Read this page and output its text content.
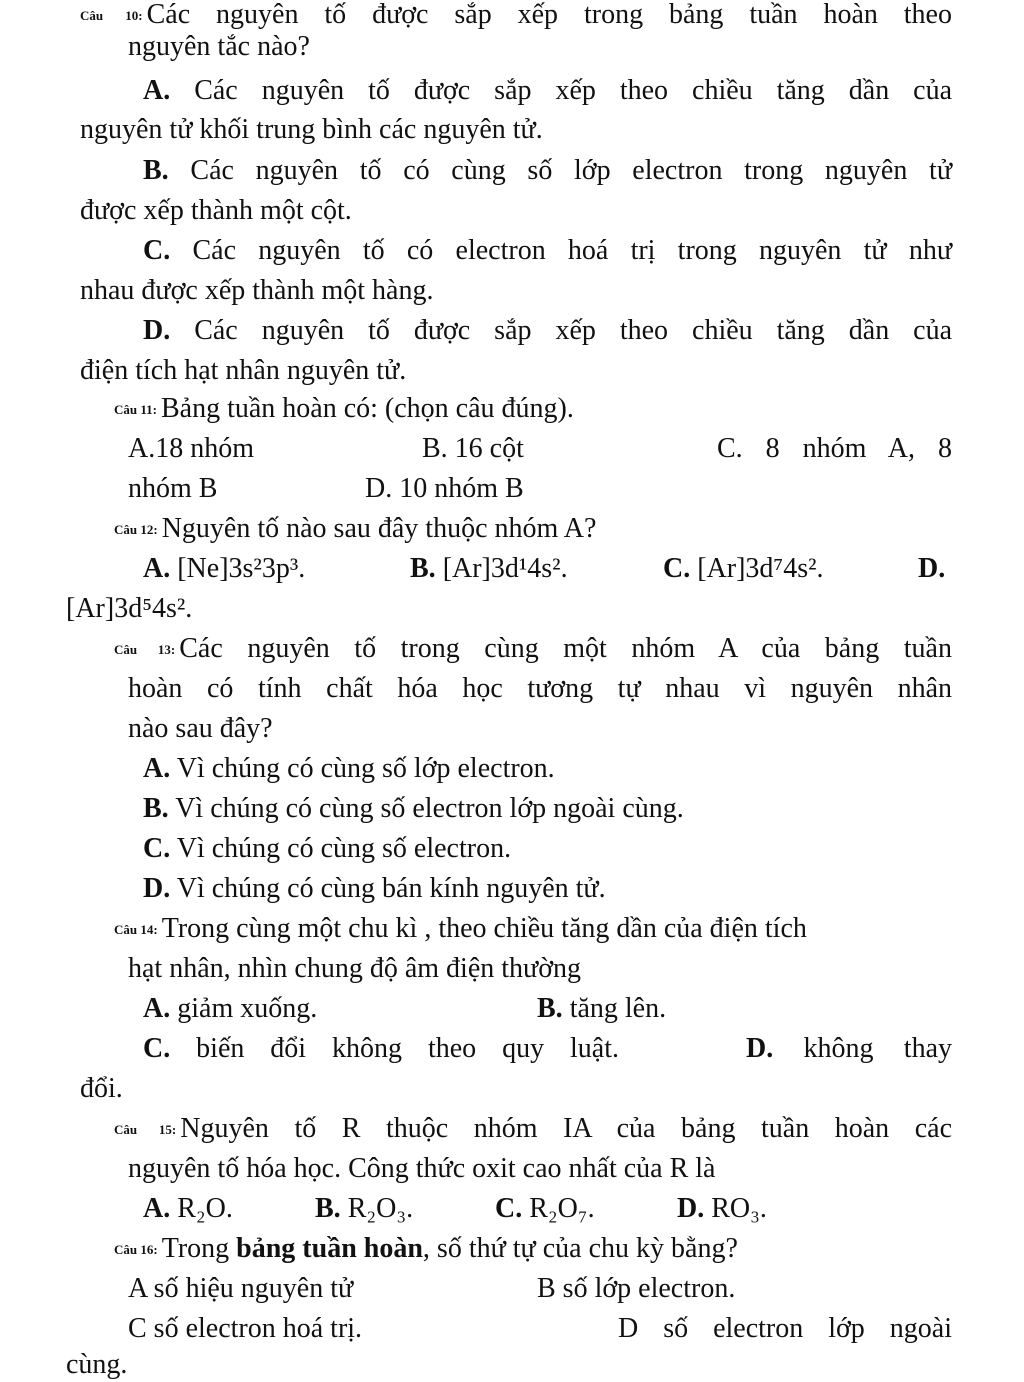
Câu 10: Các nguyên tố được sắp xếp trong bảng tuần hoàn theo
nguyên tắc nào?
A. Các nguyên tố được sắp xếp theo chiều tăng dần của
nguyên tử khối trung bình các nguyên tử.
B. Các nguyên tố có cùng số lớp electron trong nguyên tử
được xếp thành một cột.
C. Các nguyên tố có electron hoá trị trong nguyên tử như
nhau được xếp thành một hàng.
D. Các nguyên tố được sắp xếp theo chiều tăng dần của
điện tích hạt nhân nguyên tử.
Câu 11: Bảng tuần hoàn có: (chọn câu đúng).
A.18 nhóm	B. 16 cột	C. 8 nhóm A, 8
nhóm B	D. 10 nhóm B
Câu 12: Nguyên tố nào sau đây thuộc nhóm A?
A. [Ne]3s²3p³.	B. [Ar]3d¹4s².	C. [Ar]3d⁷4s².	D.
[Ar]3d⁵4s².
Câu 13: Các nguyên tố trong cùng một nhóm A của bảng tuần
hoàn có tính chất hóa học tương tự nhau vì nguyên nhân
nào sau đây?
A. Vì chúng có cùng số lớp electron.
B. Vì chúng có cùng số electron lớp ngoài cùng.
C. Vì chúng có cùng số electron.
D. Vì chúng có cùng bán kính nguyên tử.
Câu 14: Trong cùng một chu kì , theo chiều tăng dần của điện tích
hạt nhân, nhìn chung độ âm điện thường
A. giảm xuống.	B. tăng lên.
C. biến đổi không theo quy luật.	D. không thay
đổi.
Câu 15: Nguyên tố R thuộc nhóm IA của bảng tuần hoàn các
nguyên tố hóa học. Công thức oxit cao nhất của R là
A. R₂O.	B. R₂O₃.	C. R₂O₇.	D. RO₃.
Câu 16: Trong bảng tuần hoàn, số thứ tự của chu kỳ bằng?
A số hiệu nguyên tử	B số lớp electron.
C số electron hoá trị.	D số electron lớp ngoài
cùng.
